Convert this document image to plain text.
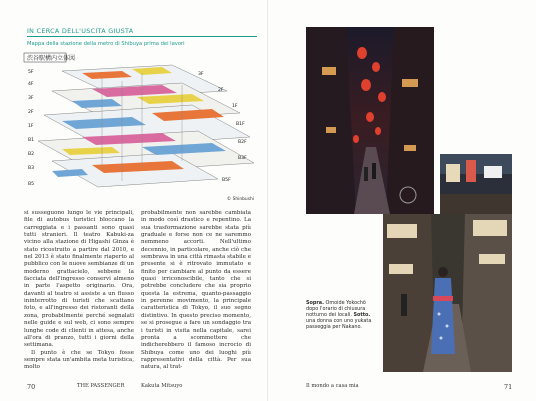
IN CERCA DELL'USCITA GIUSTA
Mappa della stazione della metro di Shibuya prima dei lavori
渋谷駅構内立体図
5F
4F
3F
2F
1F
B1
B2
B3
B5
3F
2F
1F
B1F
B2F
B3F
B5F
© Shinbushi

si susseguono lungo le vie principali, file di autobus turistici bloccano la carreggiata e i passanti sono quasi tutti stranieri. Il teatro Kabuki-za vicino alla stazione di Higashi Ginza è stato ricostruito a partire dal 2010, e nel 2013 è stato finalmente riaperto al pubblico con le nuove sembianze di un moderno grattacielo, sebbene la facciata dell'ingresso conservi almeno in parte l'aspetto originario. Ora, davanti al teatro si assiste a un flusso ininterrotto di turisti che scattano foto, e all'ingresso dei ristoranti della zona, probabilmente perché segnalati nelle guide e sul web, ci sono sempre lunghe code di clienti in attesa, anche all'ora di pranzo, tutti i giorni della settimana.

Il punto è che se Tokyo fosse sempre stata un'ambita meta turistica, molto

probabilmente non sarebbe cambiata in modo così drastico e repentino. La sua trasformazione sarebbe stata più graduale e forse non ce ne saremmo nemmeno accorti. Nell'ultimo decennio, in particolare, anche ciò che sembrava in una città rimasta stabile e presente si è ritrovato immutato e finito per cambiare al punto da essere quasi irriconoscibile, tanto che si potrebbe concludere che sia proprio questa la estrema, quanto-passaggio in perenne movimento, la principale caratteristica di Tokyo, il suo segno distintivo. In questo preciso momento, se si prosegue a fare un sondaggio tra i turisti in visita nella capitale, sarei pronta a scommettere che indicherebbero il famoso incrocio di Shibuya come uno dei luoghi più rappresentativi della città. Per sua natura, al trat-

70	THE PASSENGER	Kakuta Mitsuyo
Sopra. Omoide Yokochō dopo l'orario di chiusura notturno dei locali. Sotto. una donna con uno yukata passeggia per Nakano.
Il mondo a casa mia	71
